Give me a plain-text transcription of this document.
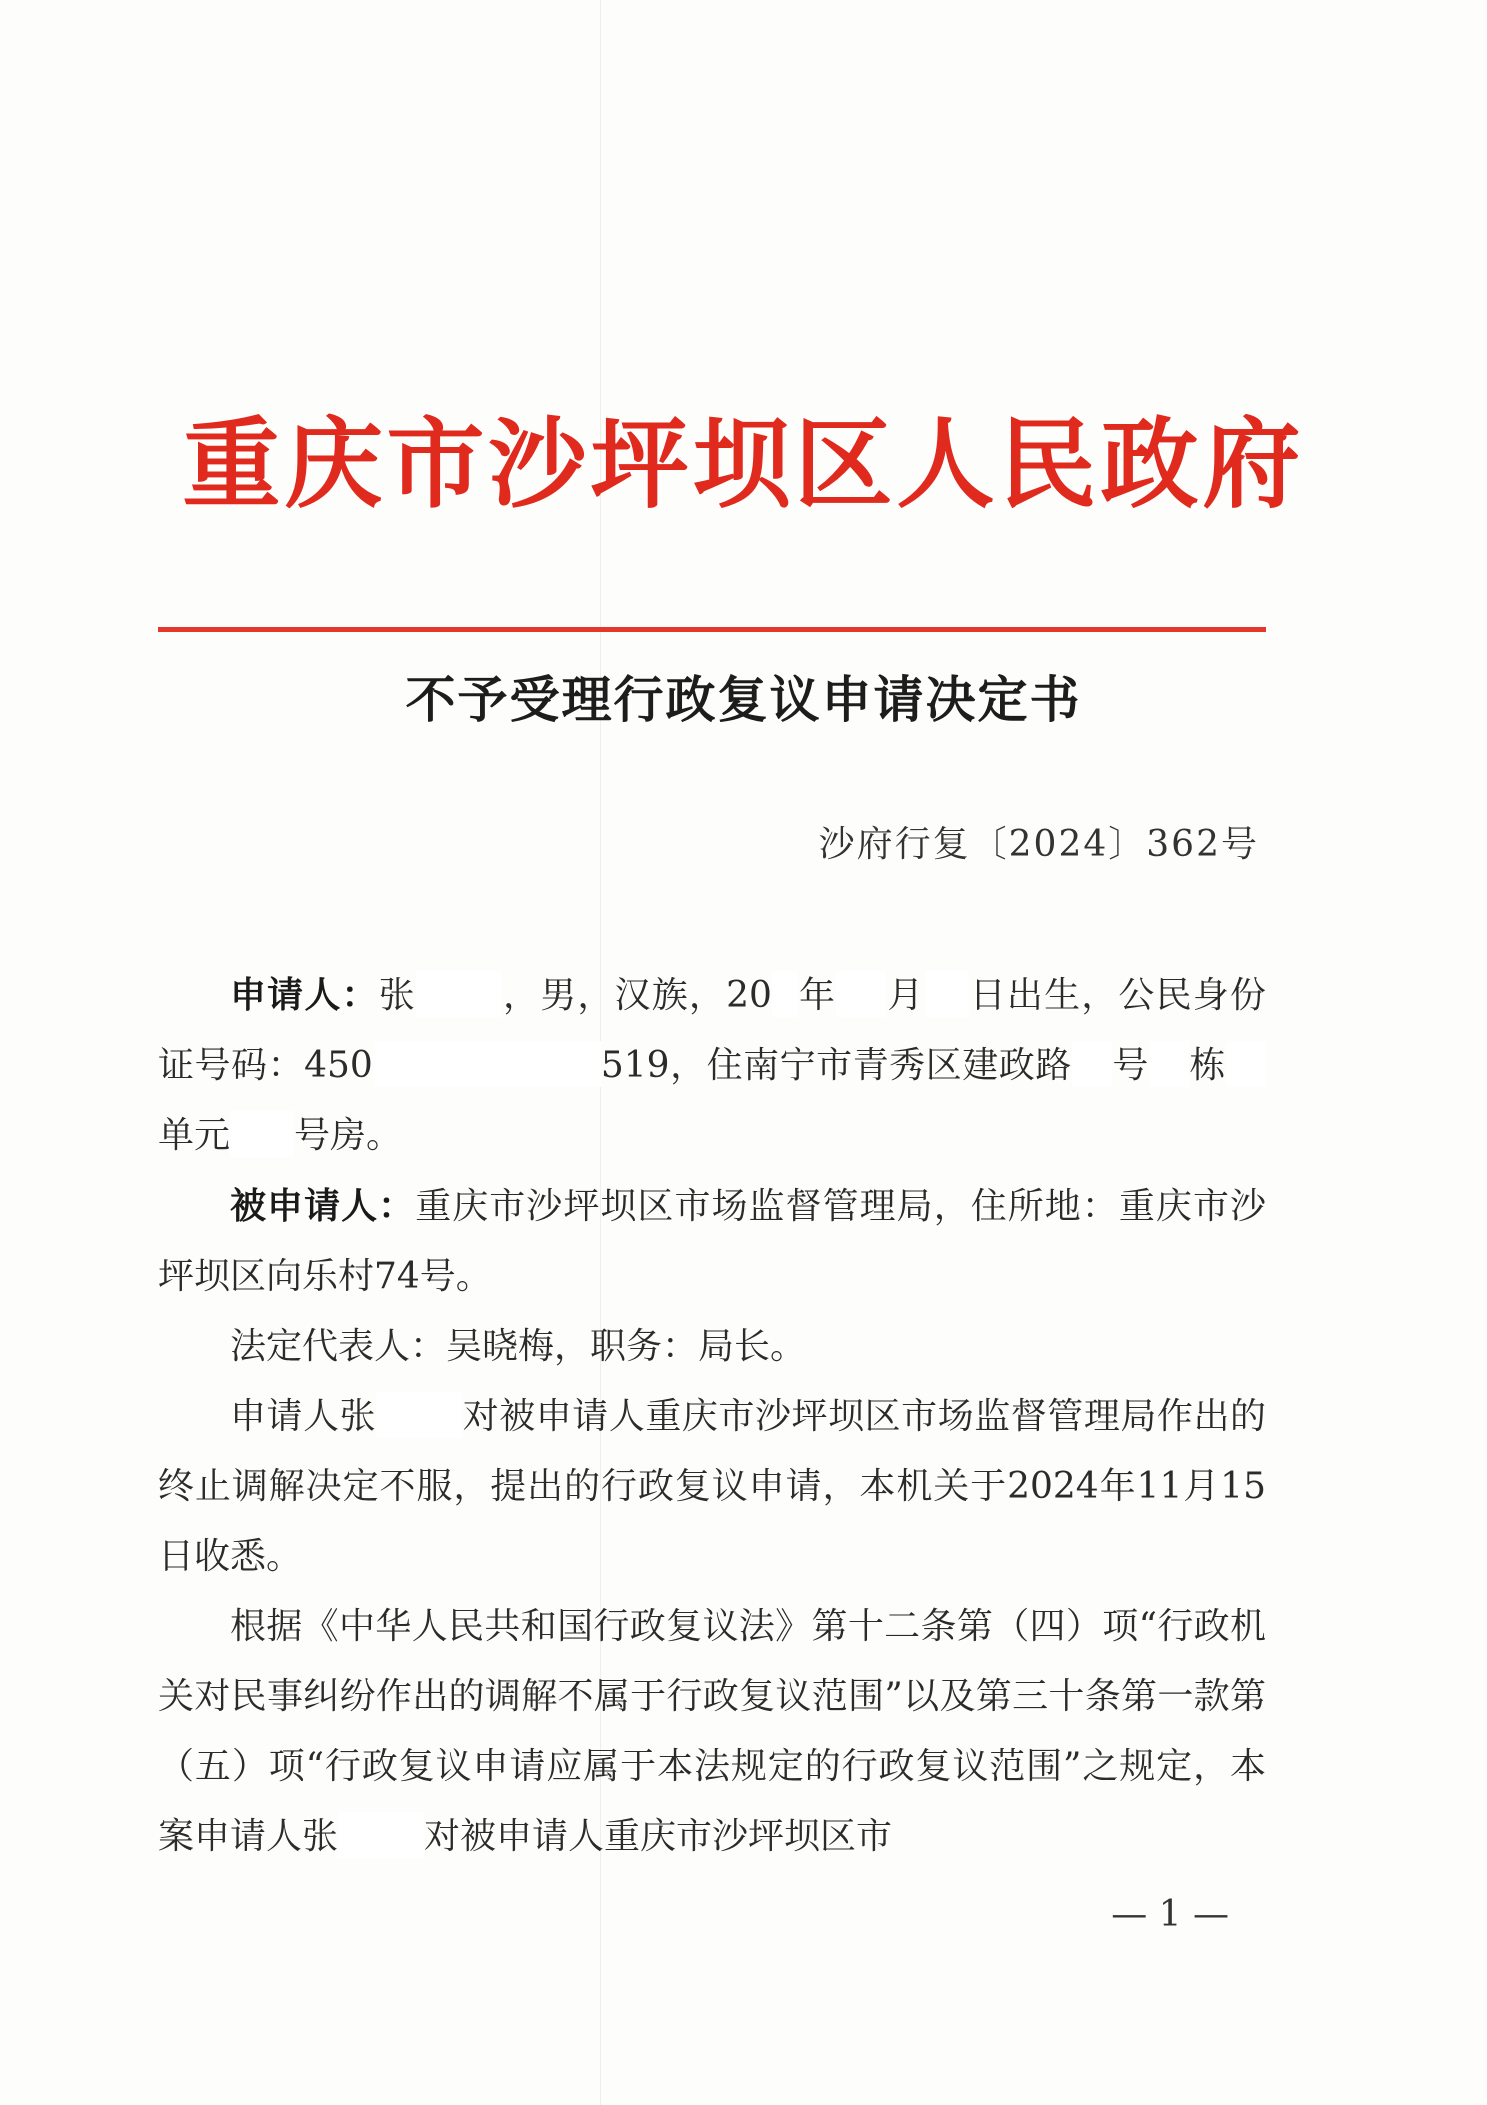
重庆市沙坪坝区人民政府
不予受理行政复议申请决定书
沙府行复〔2024〕362号

申请人：张 ，男，汉族，20 年 月 日出生，公民身份证号码：450	519，住南宁市青秀区建政路 号 栋单元 号房。

被申请人：重庆市沙坪坝区市场监督管理局，住所地：重庆市沙坪坝区向乐村74号。

法定代表人：吴晓梅，职务：局长。

申请人张 对被申请人重庆市沙坪坝区市场监督管理局作出的终止调解决定不服，提出的行政复议申请，本机关于2024年11月15日收悉。

根据《中华人民共和国行政复议法》第十二条第（四）项“行政机关对民事纠纷作出的调解不属于行政复议范围”以及第三十条第一款第（五）项“行政复议申请应属于本法规定的行政复议范围”之规定，本案申请人张 对被申请人重庆市沙坪坝区市

— 1 —
